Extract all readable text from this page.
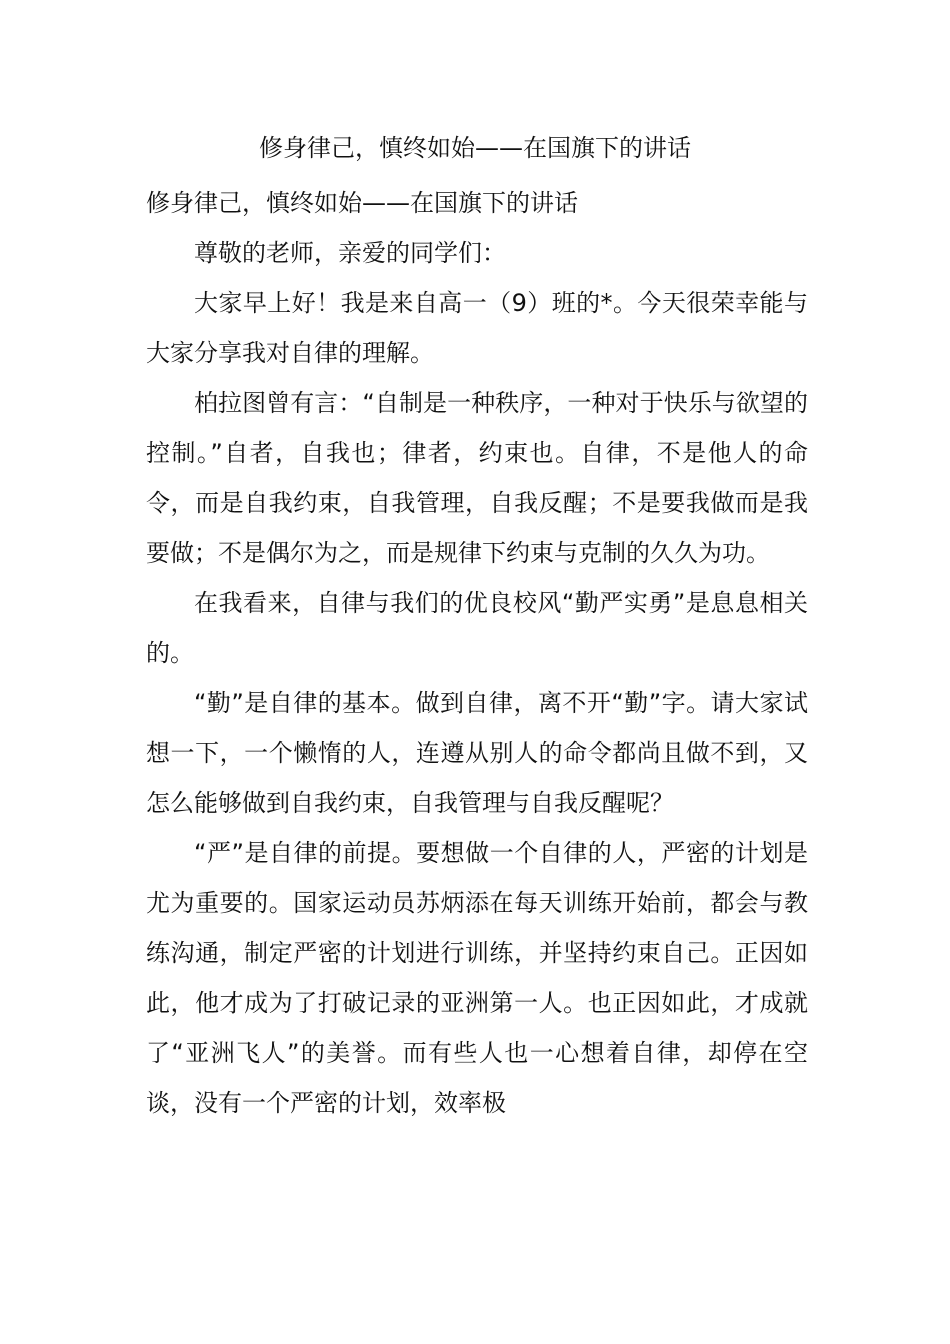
修身律己，慎终如始——在国旗下的讲话

修身律己，慎终如始——在国旗下的讲话

尊敬的老师，亲爱的同学们：

大家早上好！我是来自高一（9）班的*。今天很荣幸能与大家分享我对自律的理解。

柏拉图曾有言：“自制是一种秩序，一种对于快乐与欲望的控制。”自者，自我也；律者，约束也。自律，不是他人的命令，而是自我约束，自我管理，自我反醒；不是要我做而是我要做；不是偶尔为之，而是规律下约束与克制的久久为功。

在我看来，自律与我们的优良校风“勤严实勇”是息息相关的。

“勤”是自律的基本。做到自律，离不开“勤”字。请大家试想一下，一个懒惰的人，连遵从别人的命令都尚且做不到，又怎么能够做到自我约束，自我管理与自我反醒呢？

“严”是自律的前提。要想做一个自律的人，严密的计划是尤为重要的。国家运动员苏炳添在每天训练开始前，都会与教练沟通，制定严密的计划进行训练，并坚持约束自己。正因如此，他才成为了打破记录的亚洲第一人。也正因如此，才成就了“亚洲飞人”的美誉。而有些人也一心想着自律，却停在空谈，没有一个严密的计划，效率极
